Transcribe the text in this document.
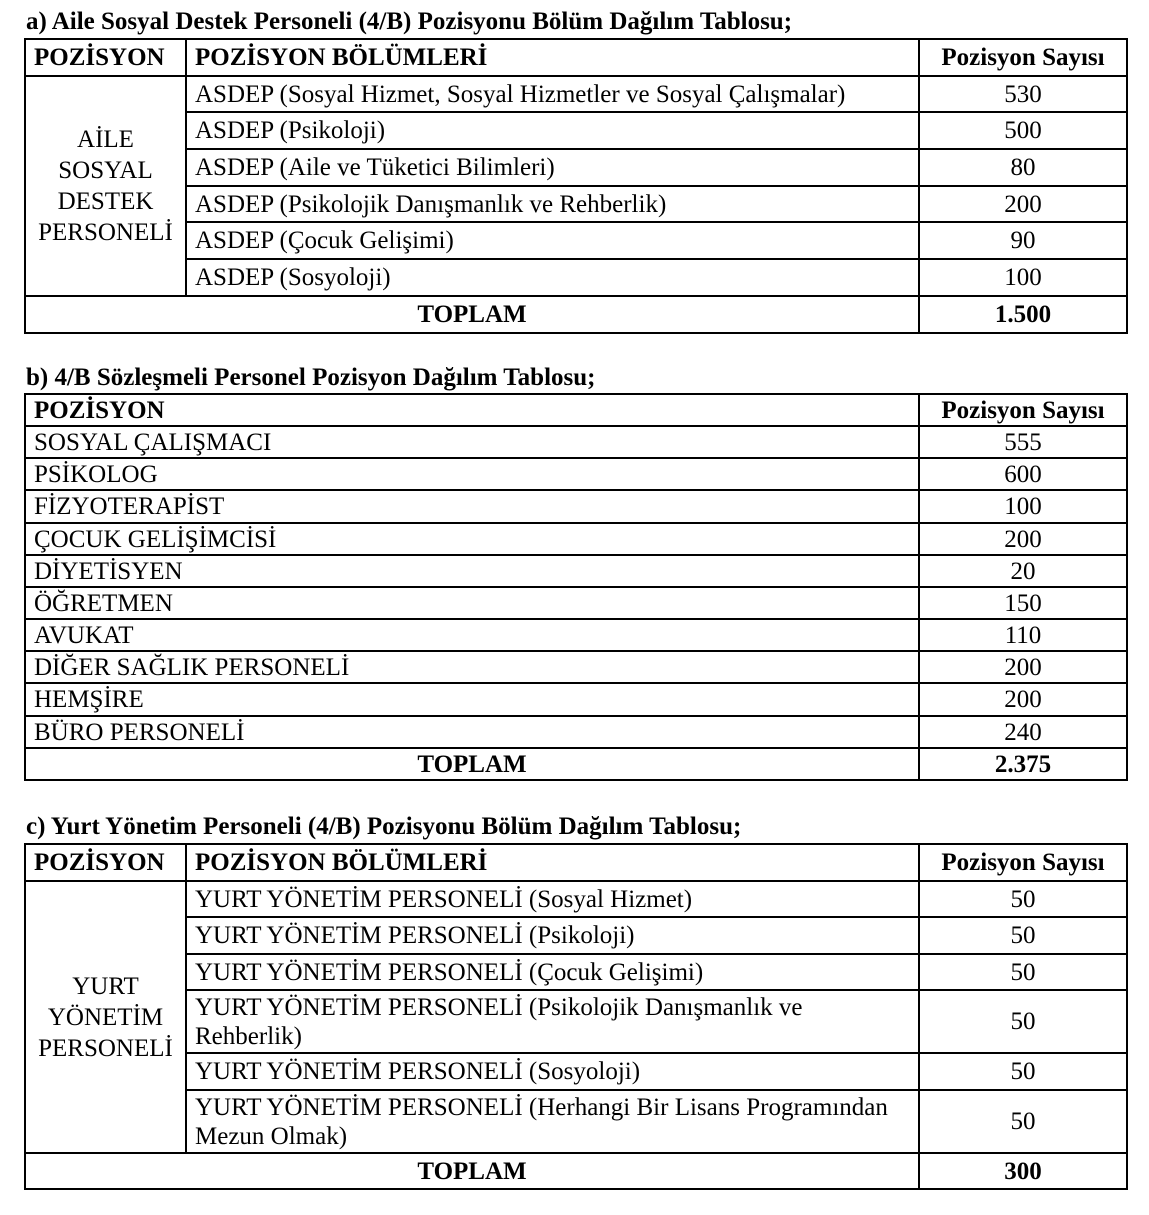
a) Aile Sosyal Destek Personeli (4/B) Pozisyonu Bölüm Dağılım Tablosu;
POZİSYON	POZİSYON BÖLÜMLERİ	Pozisyon Sayısı

AİLE
SOSYAL
DESTEK
PERSONELİ	ASDEP (Sosyal Hizmet, Sosyal Hizmetler ve Sosyal Çalışmalar)	530
	ASDEP (Psikoloji)	500
	ASDEP (Aile ve Tüketici Bilimleri)	80
	ASDEP (Psikolojik Danışmanlık ve Rehberlik)	200
	ASDEP (Çocuk Gelişimi)	90
	ASDEP (Sosyoloji)	100
TOPLAM		1.500
b) 4/B Sözleşmeli Personel Pozisyon Dağılım Tablosu;
POZİSYON	Pozisyon Sayısı
SOSYAL ÇALIŞMACI	555
PSİKOLOG	600
FİZYOTERAPİST	100
ÇOCUK GELİŞİMCİSİ	200
DİYETİSYEN	20
ÖĞRETMEN	150
AVUKAT	110
DİĞER SAĞLIK PERSONELİ	200
HEMŞİRE	200
BÜRO PERSONELİ	240
TOPLAM	2.375
c) Yurt Yönetim Personeli (4/B) Pozisyonu Bölüm Dağılım Tablosu;
POZİSYON	POZİSYON BÖLÜMLERİ	Pozisyon Sayısı

YURT
YÖNETİM
PERSONELİ	YURT YÖNETİM PERSONELİ (Sosyal Hizmet)	50
	YURT YÖNETİM PERSONELİ (Psikoloji)	50
	YURT YÖNETİM PERSONELİ (Çocuk Gelişimi)	50
	YURT YÖNETİM PERSONELİ (Psikolojik Danışmanlık ve Rehberlik)	50
	YURT YÖNETİM PERSONELİ (Sosyoloji)	50
	YURT YÖNETİM PERSONELİ (Herhangi Bir Lisans Programından Mezun Olmak)	50
TOPLAM		300
